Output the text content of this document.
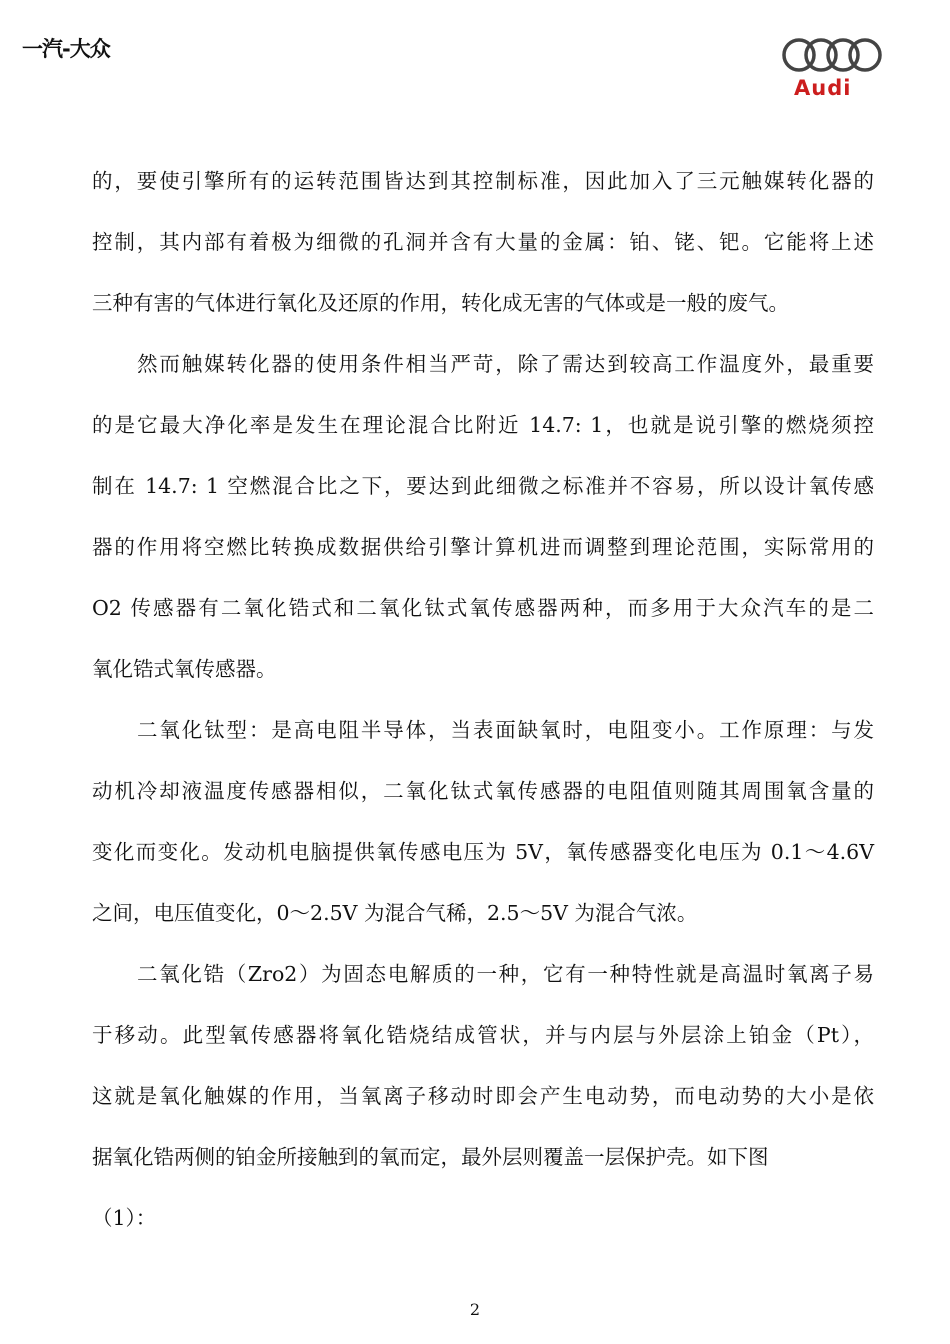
一汽-大众
Audi
的，要使引擎所有的运转范围皆达到其控制标准，因此加入了三元触媒转化器的
控制，其内部有着极为细微的孔洞并含有大量的金属：铂、铑、钯。它能将上述
三种有害的气体进行氧化及还原的作用，转化成无害的气体或是一般的废气。
然而触媒转化器的使用条件相当严苛，除了需达到较高工作温度外，最重要
的是它最大净化率是发生在理论混合比附近 14.7: 1，也就是说引擎的燃烧须控
制在 14.7: 1 空燃混合比之下，要达到此细微之标准并不容易，所以设计氧传感
器的作用将空燃比转换成数据供给引擎计算机进而调整到理论范围，实际常用的
O2 传感器有二氧化锆式和二氧化钛式氧传感器两种，而多用于大众汽车的是二
氧化锆式氧传感器。
二氧化钛型：是高电阻半导体，当表面缺氧时，电阻变小。工作原理：与发
动机冷却液温度传感器相似，二氧化钛式氧传感器的电阻值则随其周围氧含量的
变化而变化。发动机电脑提供氧传感电压为 5V，氧传感器变化电压为 0.1～4.6V
之间，电压值变化，0～2.5V 为混合气稀，2.5～5V 为混合气浓。
二氧化锆（Zro2）为固态电解质的一种，它有一种特性就是高温时氧离子易
于移动。此型氧传感器将氧化锆烧结成管状，并与内层与外层涂上铂金（Pt），
这就是氧化触媒的作用，当氧离子移动时即会产生电动势，而电动势的大小是依
据氧化锆两侧的铂金所接触到的氧而定，最外层则覆盖一层保护壳。如下图
（1）：
2
